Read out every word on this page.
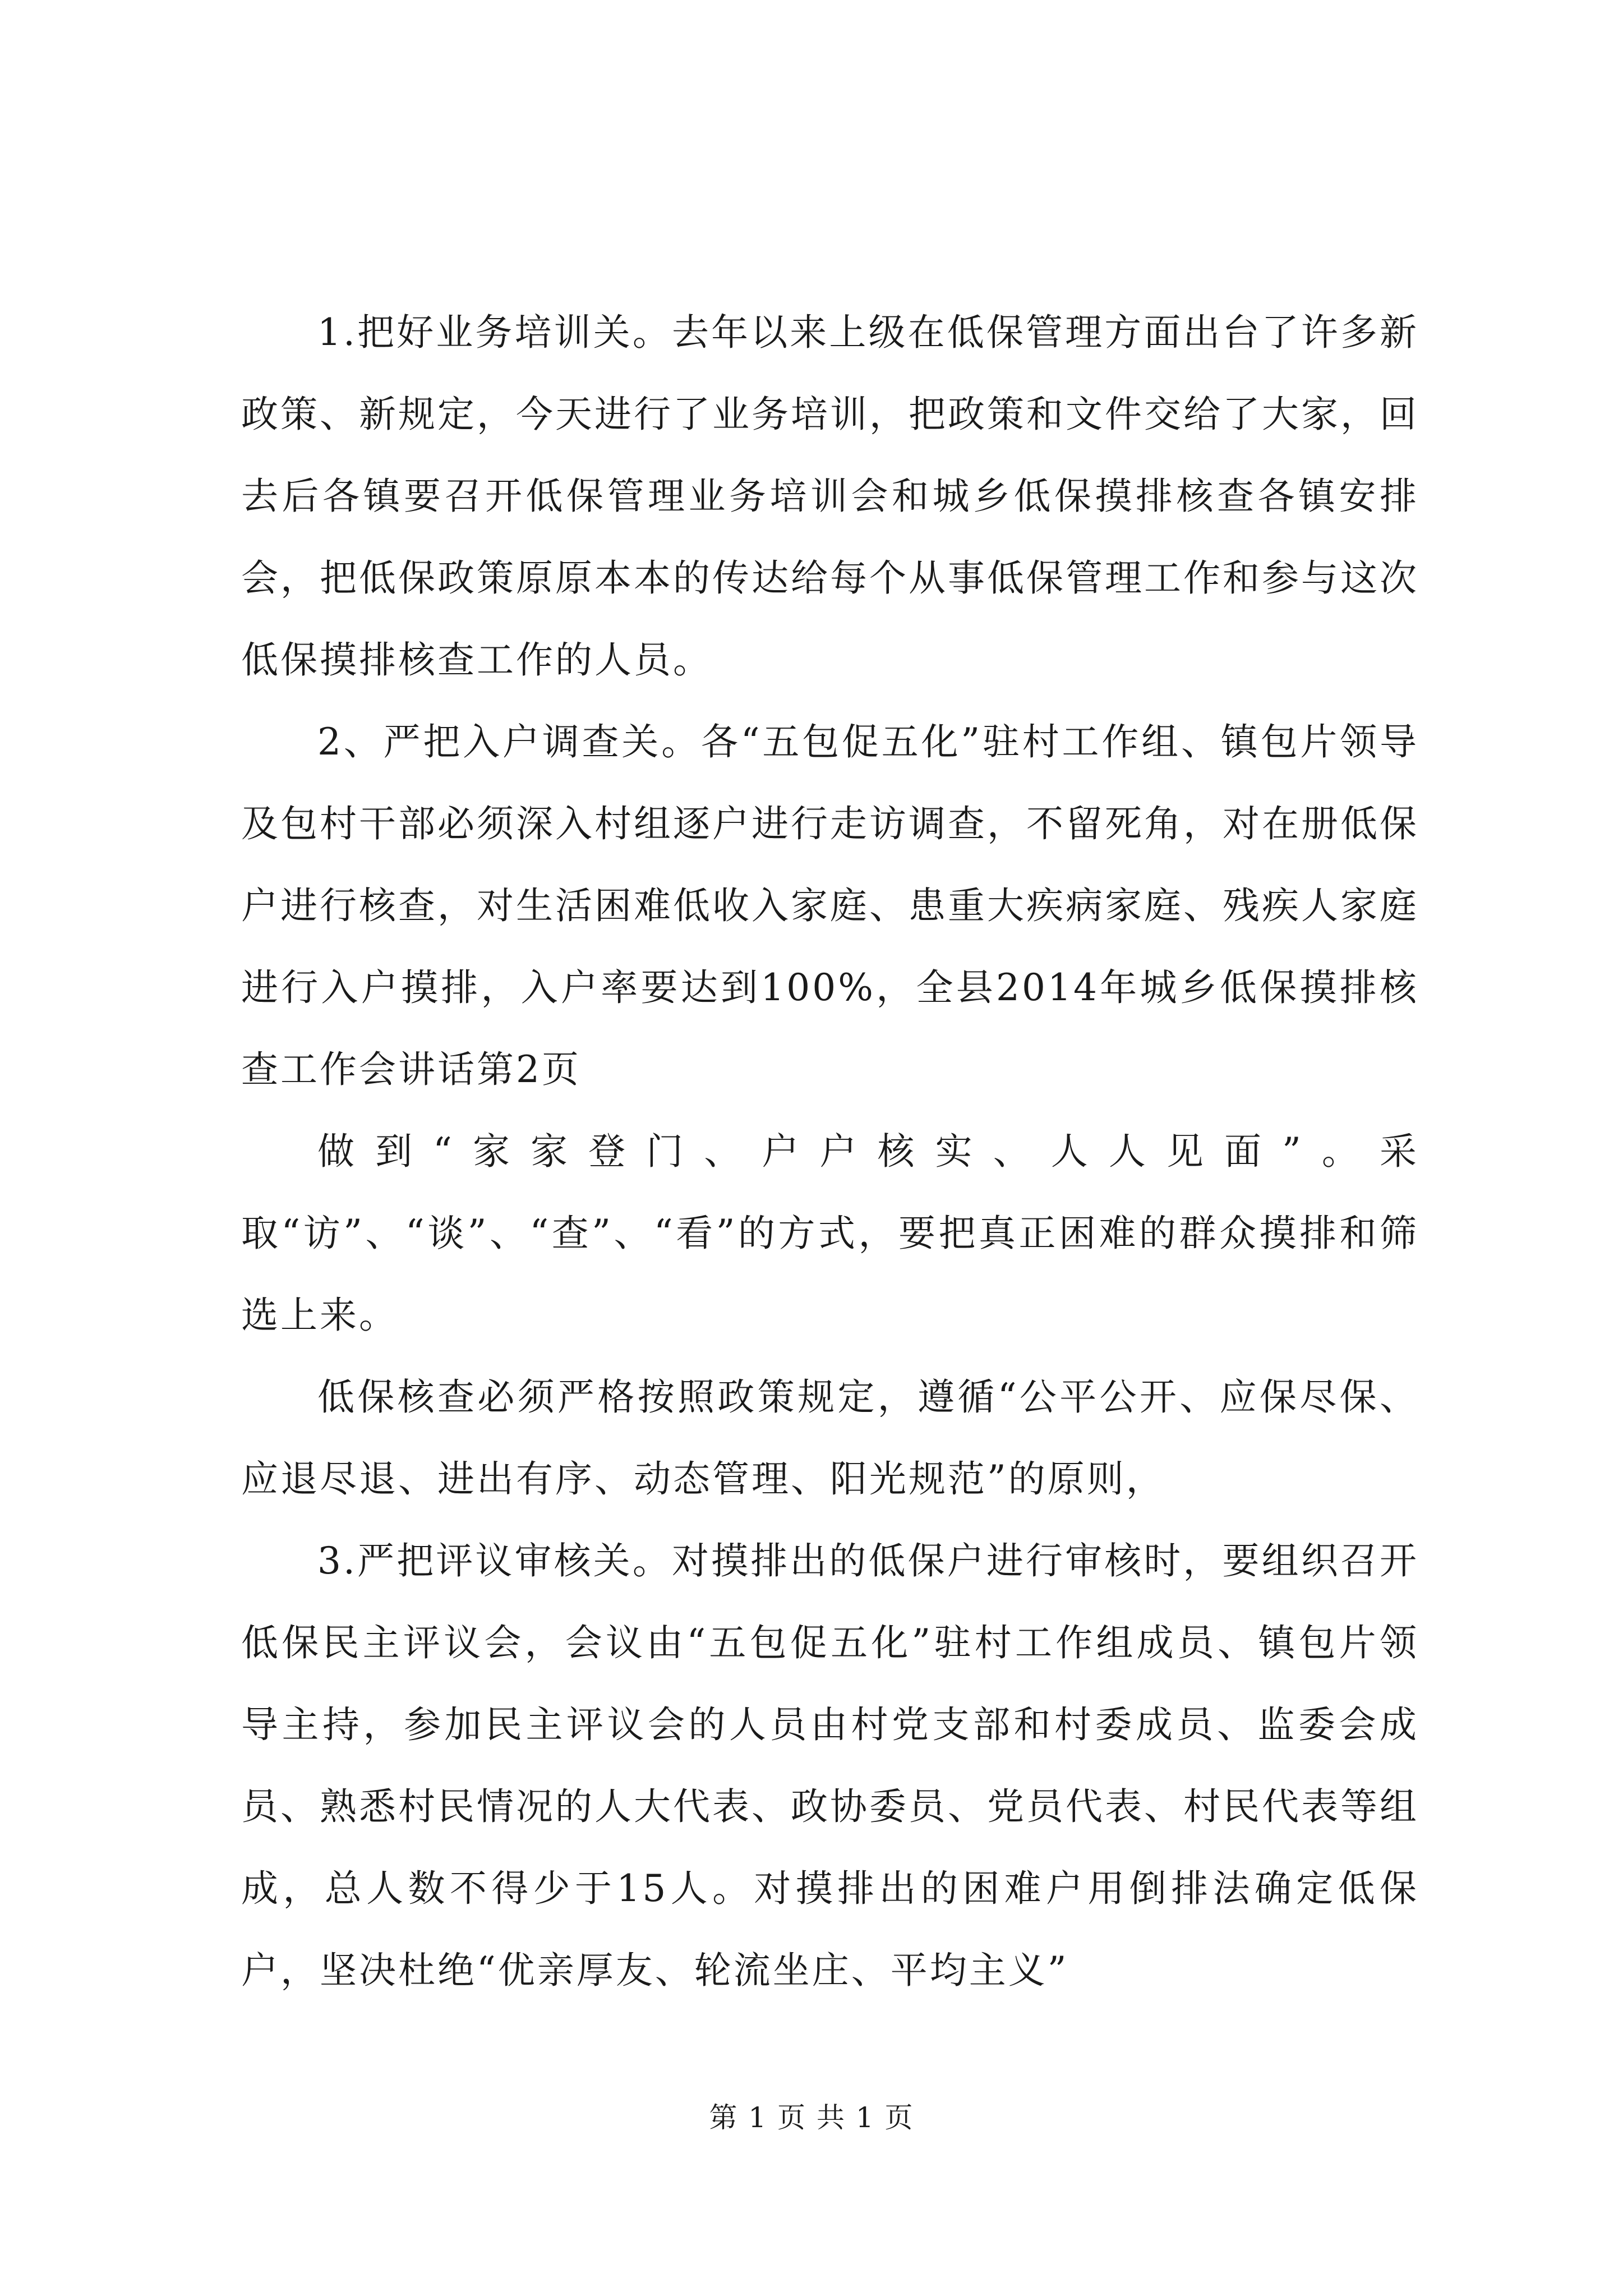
1.把好业务培训关。去年以来上级在低保管理方面出台了许多新政策、新规定，今天进行了业务培训，把政策和文件交给了大家，回去后各镇要召开低保管理业务培训会和城乡低保摸排核查各镇安排会，把低保政策原原本本的传达给每个从事低保管理工作和参与这次低保摸排核查工作的人员。

2、严把入户调查关。各“五包促五化”驻村工作组、镇包片领导及包村干部必须深入村组逐户进行走访调查，不留死角，对在册低保户进行核查，对生活困难低收入家庭、患重大疾病家庭、残疾人家庭进行入户摸排，入户率要达到100%，全县2014年城乡低保摸排核查工作会讲话第2页

做到“家家登门、户户核实、人人见面”。采取“访”、“谈”、“查”、“看”的方式，要把真正困难的群众摸排和筛选上来。

低保核查必须严格按照政策规定，遵循“公平公开、应保尽保、应退尽退、进出有序、动态管理、阳光规范”的原则，

3.严把评议审核关。对摸排出的低保户进行审核时，要组织召开低保民主评议会，会议由“五包促五化”驻村工作组成员、镇包片领导主持，参加民主评议会的人员由村党支部和村委成员、监委会成员、熟悉村民情况的人大代表、政协委员、党员代表、村民代表等组成，总人数不得少于15人。对摸排出的困难户用倒排法确定低保户，坚决杜绝“优亲厚友、轮流坐庄、平均主义”

第 1 页 共 1 页
